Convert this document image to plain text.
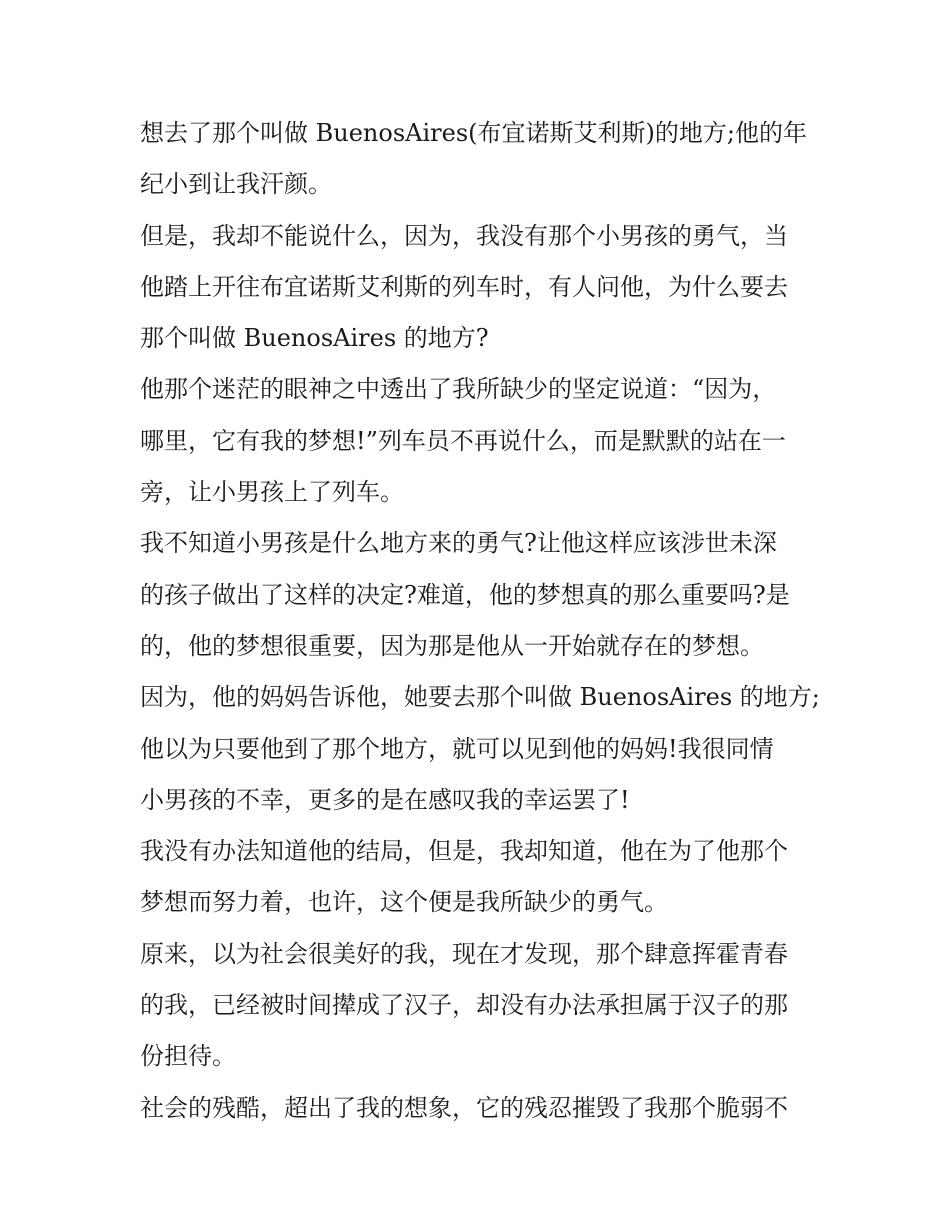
想去了那个叫做 BuenosAires(布宜诺斯艾利斯)的地方;他的年
纪小到让我汗颜。
但是，我却不能说什么，因为，我没有那个小男孩的勇气，当
他踏上开往布宜诺斯艾利斯的列车时，有人问他，为什么要去
那个叫做 BuenosAires 的地方?
他那个迷茫的眼神之中透出了我所缺少的坚定说道：“因为，
哪里，它有我的梦想!”列车员不再说什么，而是默默的站在一
旁，让小男孩上了列车。
我不知道小男孩是什么地方来的勇气?让他这样应该涉世未深
的孩子做出了这样的决定?难道，他的梦想真的那么重要吗?是
的，他的梦想很重要，因为那是他从一开始就存在的梦想。
因为，他的妈妈告诉他，她要去那个叫做 BuenosAires 的地方;
他以为只要他到了那个地方，就可以见到他的妈妈!我很同情
小男孩的不幸，更多的是在感叹我的幸运罢了!
我没有办法知道他的结局，但是，我却知道，他在为了他那个
梦想而努力着，也许，这个便是我所缺少的勇气。
原来，以为社会很美好的我，现在才发现，那个肆意挥霍青春
的我，已经被时间撵成了汉子，却没有办法承担属于汉子的那
份担待。
社会的残酷，超出了我的想象，它的残忍摧毁了我那个脆弱不
